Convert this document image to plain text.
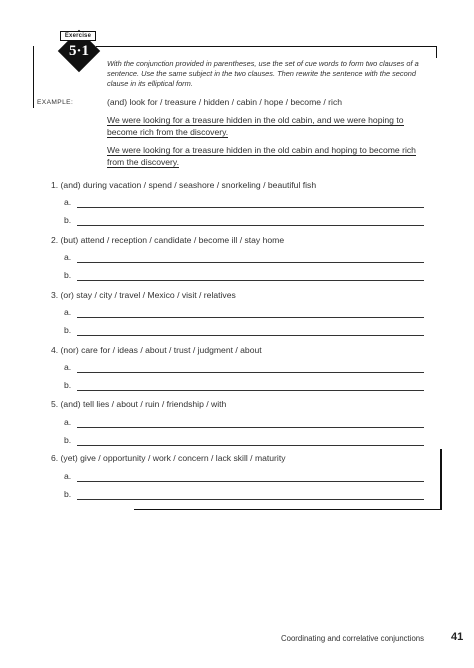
Exercise
5·1
With the conjunction provided in parentheses, use the set of cue words to form two clauses of a sentence. Use the same subject in the two clauses. Then rewrite the sentence with the second clause in its elliptical form.
EXAMPLE:	(and) look for / treasure / hidden / cabin / hope / become / rich
We were looking for a treasure hidden in the old cabin, and we were hoping to become rich from the discovery.
We were looking for a treasure hidden in the old cabin and hoping to become rich from the discovery.
1. (and) during vacation / spend / seashore / snorkeling / beautiful fish
a.
b.
2. (but) attend / reception / candidate / become ill / stay home
a.
b.
3. (or) stay / city / travel / Mexico / visit / relatives
a.
b.
4. (nor) care for / ideas / about / trust / judgment / about
a.
b.
5. (and) tell lies / about / ruin / friendship / with
a.
b.
6. (yet) give / opportunity / work / concern / lack skill / maturity
a.
b.
Coordinating and correlative conjunctions 41
